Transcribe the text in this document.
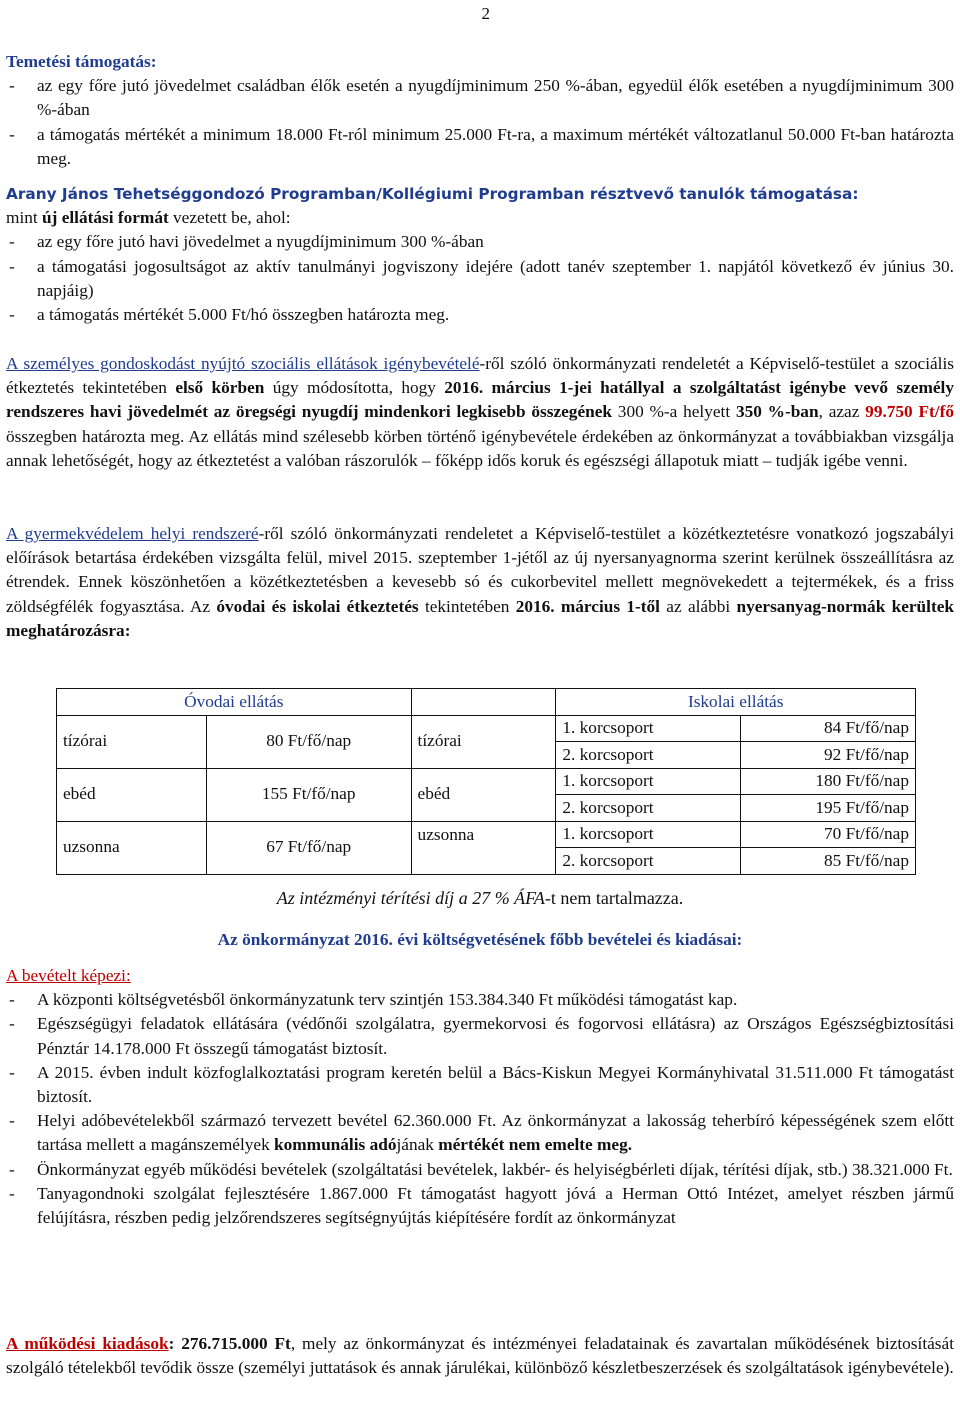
2
Temetési támogatás:
- az egy főre jutó jövedelmet családban élők esetén a nyugdíjminimum 250 %-ában, egyedül élők esetében a nyugdíjminimum 300 %-ában
- a támogatás mértékét a minimum 18.000 Ft-ról minimum 25.000 Ft-ra, a maximum mértékét változatlanul 50.000 Ft-ban határozta meg.
Arany János Tehetséggondozó Programban/Kollégiumi Programban résztvevő tanulók támogatása:
mint új ellátási formát vezetett be, ahol:
- az egy főre jutó havi jövedelmet a nyugdíjminimum 300 %-ában
- a támogatási jogosultságot az aktív tanulmányi jogviszony idejére (adott tanév szeptember 1. napjától következő év június 30. napjáig)
- a támogatás mértékét 5.000 Ft/hó összegben határozta meg.
A személyes gondoskodást nyújtó szociális ellátások igénybevételé-ről szóló önkormányzati rendeletét a Képviselő-testület a szociális étkeztetés tekintetében első körben úgy módosította, hogy 2016. március 1-jei hatállyal a szolgáltatást igénybe vevő személy rendszeres havi jövedelmét az öregségi nyugdíj mindenkori legkisebb összegének 300 %-a helyett 350 %-ban, azaz 99.750 Ft/fő összegben határozta meg. Az ellátás mind szélesebb körben történő igénybevétele érdekében az önkormányzat a továbbiakban vizsgálja annak lehetőségét, hogy az étkeztetést a valóban rászorulók – főképp idős koruk és egészségi állapotuk miatt – tudják igébe venni.
A gyermekvédelem helyi rendszeré-ről szóló önkormányzati rendeletet a Képviselő-testület a közétkeztetésre vonatkozó jogszabályi előírások betartása érdekében vizsgálta felül, mivel 2015. szeptember 1-jétől az új nyersanyagnorma szerint kerülnek összeállításra az étrendek. Ennek köszönhetően a közétkeztetésben a kevesebb só és cukorbevitel mellett megnövekedett a tejtermékek, és a friss zöldségfélék fogyasztása. Az óvodai és iskolai étkeztetés tekintetében 2016. március 1-től az alábbi nyersanyag-normák kerültek meghatározásra:
Óvodai ellátás			Iskolai ellátás	
tízórai	80 Ft/fő/nap	tízórai	1. korcsoport	84 Ft/fő/nap
			2. korcsoport	92 Ft/fő/nap
ebéd	155 Ft/fő/nap	ebéd	1. korcsoport	180 Ft/fő/nap
			2. korcsoport	195 Ft/fő/nap
uzsonna	67 Ft/fő/nap	uzsonna	1. korcsoport	70 Ft/fő/nap
			2. korcsoport	85 Ft/fő/nap
Az intézményi térítési díj a 27 % ÁFA-t nem tartalmazza.
Az önkormányzat 2016. évi költségvetésének főbb bevételei és kiadásai:
A bevételt képezi:
- A központi költségvetésből önkormányzatunk terv szintjén 153.384.340 Ft működési támogatást kap.
- Egészségügyi feladatok ellátására (védőnői szolgálatra, gyermekorvosi és fogorvosi ellátásra) az Országos Egészségbiztosítási Pénztár 14.178.000 Ft összegű támogatást biztosít.
- A 2015. évben indult közfoglalkoztatási program keretén belül a Bács-Kiskun Megyei Kormányhivatal 31.511.000 Ft támogatást biztosít.
- Helyi adóbevételekből származó tervezett bevétel 62.360.000 Ft. Az önkormányzat a lakosság teherbíró képességének szem előtt tartása mellett a magánszemélyek kommunális adójának mértékét nem emelte meg.
- Önkormányzat egyéb működési bevételek (szolgáltatási bevételek, lakbér- és helyiségbérleti díjak, térítési díjak, stb.) 38.321.000 Ft.
- Tanyagondnoki szolgálat fejlesztésére 1.867.000 Ft támogatást hagyott jóvá a Herman Ottó Intézet, amelyet részben jármű felújításra, részben pedig jelzőrendszeres segítségnyújtás kiépítésére fordít az önkormányzat
A működési kiadások: 276.715.000 Ft, mely az önkormányzat és intézményei feladatainak és zavartalan működésének biztosítását szolgáló tételekből tevődik össze (személyi juttatások és annak járulékai, különböző készletbeszerzések és szolgáltatások igénybevétele).
